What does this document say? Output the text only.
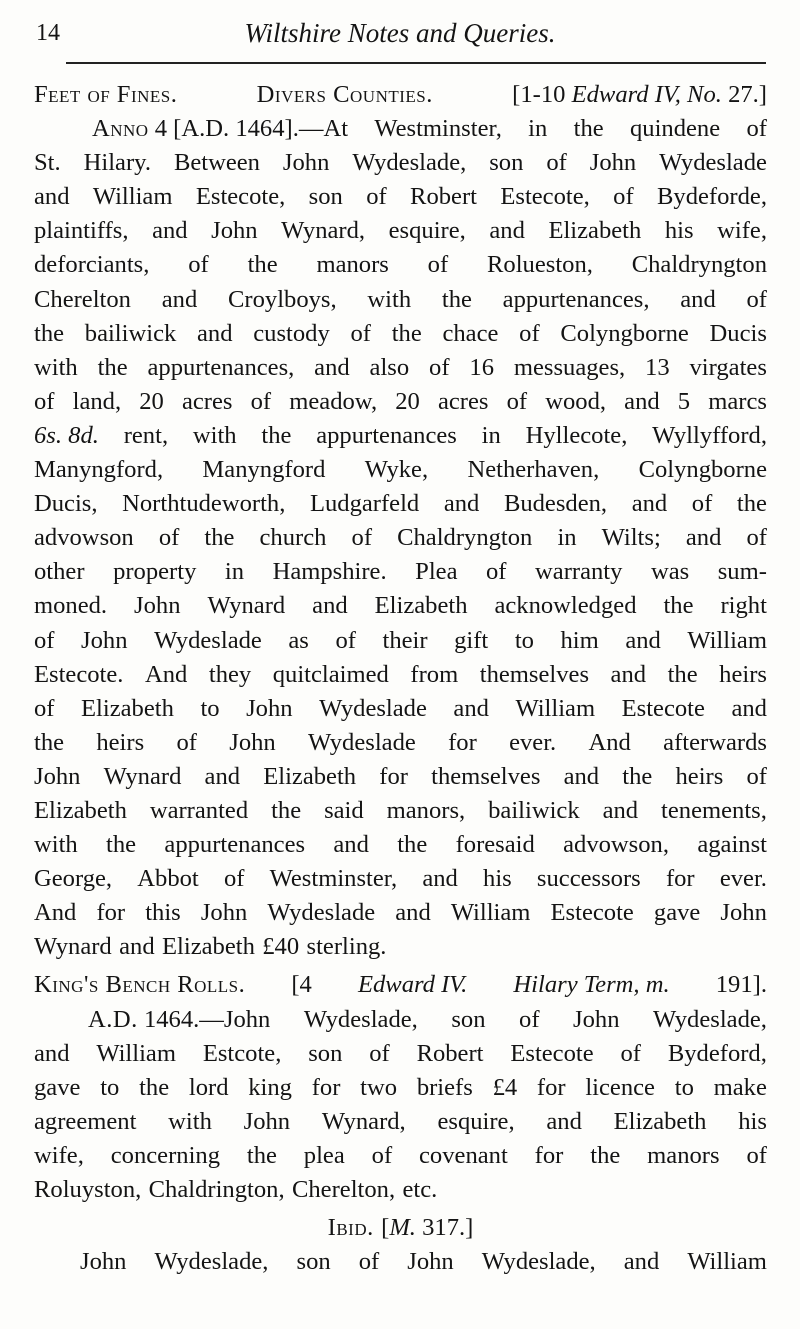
14	Wiltshire Notes and Queries.
Feet of Fines.	Divers Counties.	[1-10 Edward IV, No. 27.]
Anno 4 [A.D. 1464].—At Westminster, in the quindene of
St. Hilary. Between John Wydeslade, son of John Wydeslade
and William Estecote, son of Robert Estecote, of Bydeforde,
plaintiffs, and John Wynard, esquire, and Elizabeth his wife,
deforciants, of the manors of Rolueston, Chaldryngton
Cherelton and Croylboys, with the appurtenances, and of
the bailiwick and custody of the chace of Colyngborne Ducis
with the appurtenances, and also of 16 messuages, 13 virgates
of land, 20 acres of meadow, 20 acres of wood, and 5 marcs
6s. 8d. rent, with the appurtenances in Hyllecote, Wyllyfford,
Manyngford, Manyngford Wyke, Netherhaven, Colyngborne
Ducis, Northtudeworth, Ludgarfeld and Budesden, and of the
advowson of the church of Chaldryngton in Wilts; and of
other property in Hampshire. Plea of warranty was sum-
moned. John Wynard and Elizabeth acknowledged the right
of John Wydeslade as of their gift to him and William
Estecote. And they quitclaimed from themselves and the heirs
of Elizabeth to John Wydeslade and William Estecote and
the heirs of John Wydeslade for ever. And afterwards
John Wynard and Elizabeth for themselves and the heirs of
Elizabeth warranted the said manors, bailiwick and tenements,
with the appurtenances and the foresaid advowson, against
George, Abbot of Westminster, and his successors for ever.
And for this John Wydeslade and William Estecote gave John
Wynard and Elizabeth £40 sterling.
King's Bench Rolls. [4 Edward IV. Hilary Term, m. 191].
A.D. 1464.—John Wydeslade, son of John Wydeslade,
and William Estcote, son of Robert Estecote of Bydeford,
gave to the lord king for two briefs £4 for licence to make
agreement with John Wynard, esquire, and Elizabeth his
wife, concerning the plea of covenant for the manors of
Roluyston, Chaldrington, Cherelton, etc.
Ibid. [M. 317.]
John Wydeslade, son of John Wydeslade, and William
